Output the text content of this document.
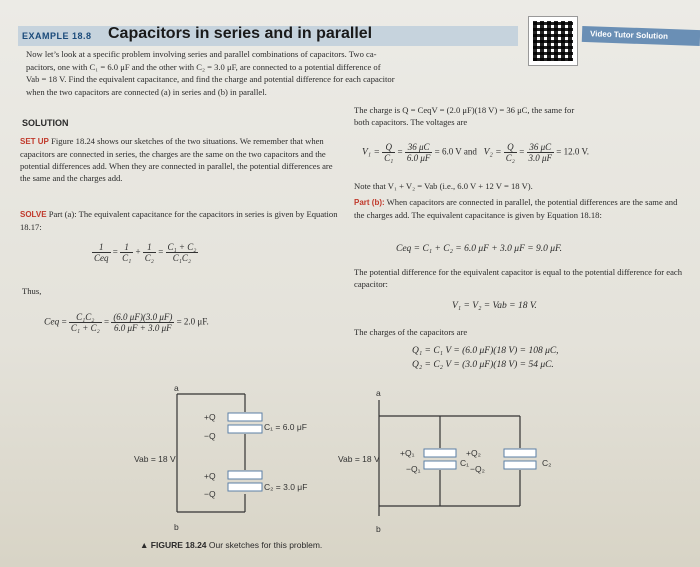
EXAMPLE 18.8 Capacitors in series and in parallel	Video Tutor Solution
Now let’s look at a specific problem involving series and parallel combinations of capacitors. Two ca-
pacitors, one with C₁ = 6.0 μF and the other with C₂ = 3.0 μF, are connected to a potential difference of
Vab = 18 V. Find the equivalent capacitance, and find the charge and potential difference for each capacitor
when the two capacitors are connected (a) in series and (b) in parallel.
SOLUTION
SET UP Figure 18.24 shows our sketches of the two situations. We remember that when capacitors are connected in series, the charges are the same on the two capacitors and the potential differences add. When they are connected in parallel, the potential differences are the same and the charges add.
SOLVE Part (a): The equivalent capacitance for the capacitors in series is given by Equation 18.17:
$\frac{1}{\text{Ceq}} = \frac{1}{\text{C₁}} + \frac{1}{\text{C₂}} = \frac{\text{C₁ + C₂}}{\text{C₁C₂}}$
Thus,
Ceq = $\frac{\text{C₁C₂}}{\text{C₁ + C₂}} = \frac{(6.0 \mu F)(3.0 \mu F)}{6.0 \mu F + 3.0 \mu F} = 2.0$ μF.
The charge is Q = CeqV = (2.0 μF)(18 V) = 36 μC, the same for
both capacitors. The voltages are
$V_1 = \frac{Q}{\text{C₁}} = \frac{36 \mu C}{6.0 \mu F} = 6.0$ V and $V_2 = \frac{Q}{\text{C₂}} = \frac{36 \mu C}{3.0 \mu F} = 12.0$ V.
Note that V₁ + V₂ = Vab (i.e., 6.0 V + 12 V = 18 V).
Part (b): When capacitors are connected in parallel, the potential differences are the same and the charges add. The equivalent capacitance is given by Equation 18.18:
Ceq = C₁ + C₂ = 6.0 μF + 3.0 μF = 9.0 μF.
The potential difference for the equivalent capacitor is equal to the potential difference for each capacitor:
V₁ = V₂ = Vab = 18 V.
The charges of the capacitors are
Q₁ = C₁ V = (6.0 μF)(18 V) = 108 μC,
Q₂ = C₂ V = (3.0 μF)(18 V) = 54 μC.
a
b
Vab = 18 V
+Q
−Q
+Q
−Q
C₁ = 6.0 μF
C₂ = 3.0 μF
a
b
Vab = 18 V
+Q₁
−Q₁
+Q₂
−Q₂
C₁	C₂
▲ FIGURE 18.24 Our sketches for this problem.
